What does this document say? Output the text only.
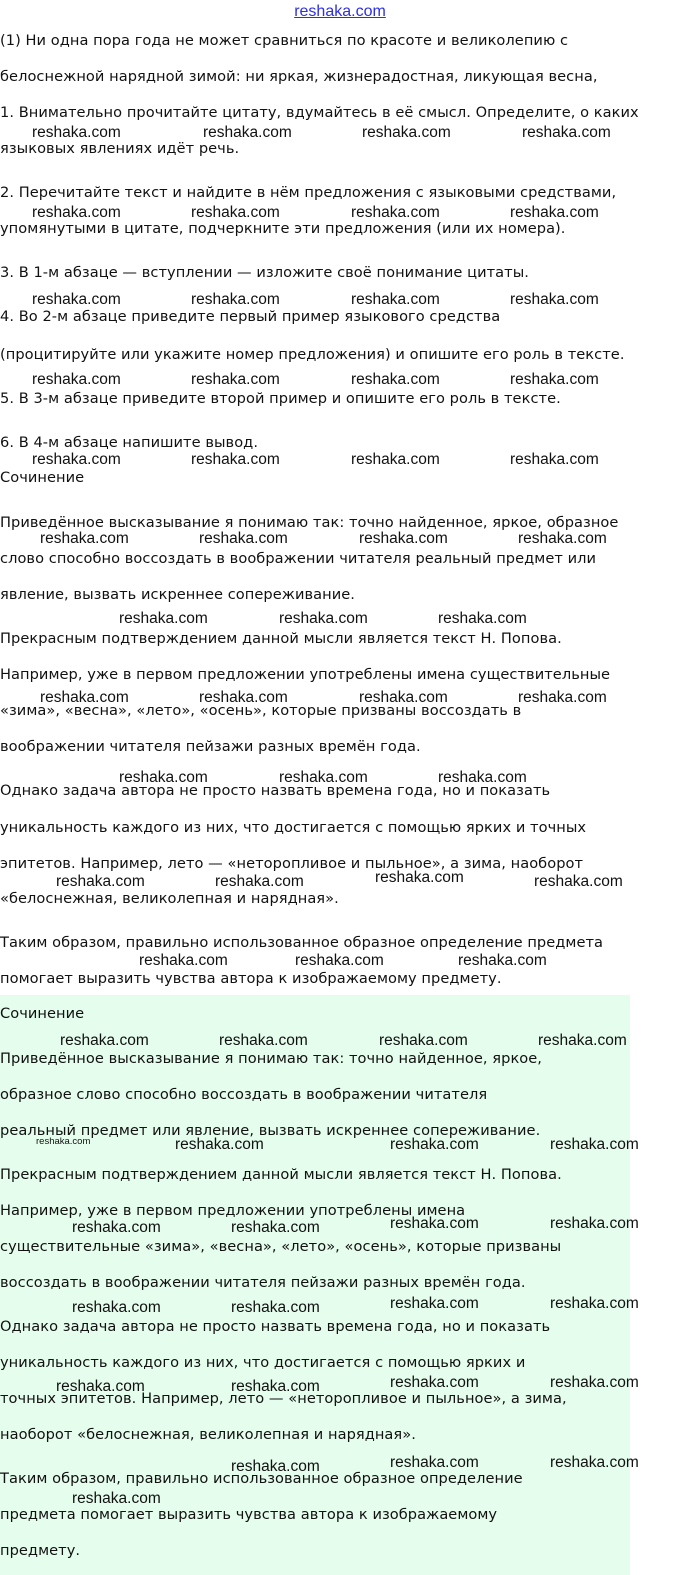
reshaka.com
(1) Ни одна пора года не может сравниться по красоте и великолепию с
белоснежной нарядной зимой: ни яркая, жизнерадостная, ликующая весна,
1. Внимательно прочитайте цитату, вдумайтесь в её смысл. Определите, о каких
языковых явлениях идёт речь.
2. Перечитайте текст и найдите в нём предложения с языковыми средствами,
упомянутыми в цитате, подчеркните эти предложения (или их номера).
3. В 1-м абзаце — вступлении — изложите своё понимание цитаты.
4. Во 2-м абзаце приведите первый пример языкового средства
(процитируйте или укажите номер предложения) и опишите его роль в тексте.
5. В 3-м абзаце приведите второй пример и опишите его роль в тексте.
6. В 4-м абзаце напишите вывод.
Сочинение
Приведённое высказывание я понимаю так: точно найденное, яркое, образное
слово способно воссоздать в воображении читателя реальный предмет или
явление, вызвать искреннее сопереживание.
Прекрасным подтверждением данной мысли является текст Н. Попова.
Например, уже в первом предложении употреблены имена существительные
«зима», «весна», «лето», «осень», которые призваны воссоздать в
воображении читателя пейзажи разных времён года.
Однако задача автора не просто назвать времена года, но и показать
уникальность каждого из них, что достигается с помощью ярких и точных
эпитетов. Например, лето — «неторопливое и пыльное», а зима, наоборот
«белоснежная, великолепная и нарядная».
Таким образом, правильно использованное образное определение предмета
помогает выразить чувства автора к изображаемому предмету.
Сочинение
Приведённое высказывание я понимаю так: точно найденное, яркое,
образное слово способно воссоздать в воображении читателя
реальный предмет или явление, вызвать искреннее сопереживание.
Прекрасным подтверждением данной мысли является текст Н. Попова.
Например, уже в первом предложении употреблены имена
существительные «зима», «весна», «лето», «осень», которые призваны
воссоздать в воображении читателя пейзажи разных времён года.
Однако задача автора не просто назвать времена года, но и показать
уникальность каждого из них, что достигается с помощью ярких и
точных эпитетов. Например, лето — «неторопливое и пыльное», а зима,
наоборот «белоснежная, великолепная и нарядная».
Таким образом, правильно использованное образное определение
предмета помогает выразить чувства автора к изображаемому
предмету.
reshaka.com	reshaka.com	reshaka.com	reshaka.com
reshaka.com	reshaka.com	reshaka.com	reshaka.com
reshaka.com	reshaka.com	reshaka.com	reshaka.com
reshaka.com	reshaka.com	reshaka.com	reshaka.com
reshaka.com	reshaka.com	reshaka.com	reshaka.com
reshaka.com	reshaka.com	reshaka.com	reshaka.com
reshaka.com	reshaka.com	reshaka.com
reshaka.com	reshaka.com	reshaka.com	reshaka.com
reshaka.com	reshaka.com	reshaka.com
reshaka.com	reshaka.com	reshaka.com	reshaka.com
reshaka.com	reshaka.com	reshaka.com
reshaka.com	reshaka.com	reshaka.com	reshaka.com
reshaka.com	reshaka.com	reshaka.com	reshaka.com
reshaka.com	reshaka.com	reshaka.com	reshaka.com
reshaka.com	reshaka.com	reshaka.com	reshaka.com
reshaka.com	reshaka.com	reshaka.com	reshaka.com
reshaka.com	reshaka.com	reshaka.com
reshaka.com
